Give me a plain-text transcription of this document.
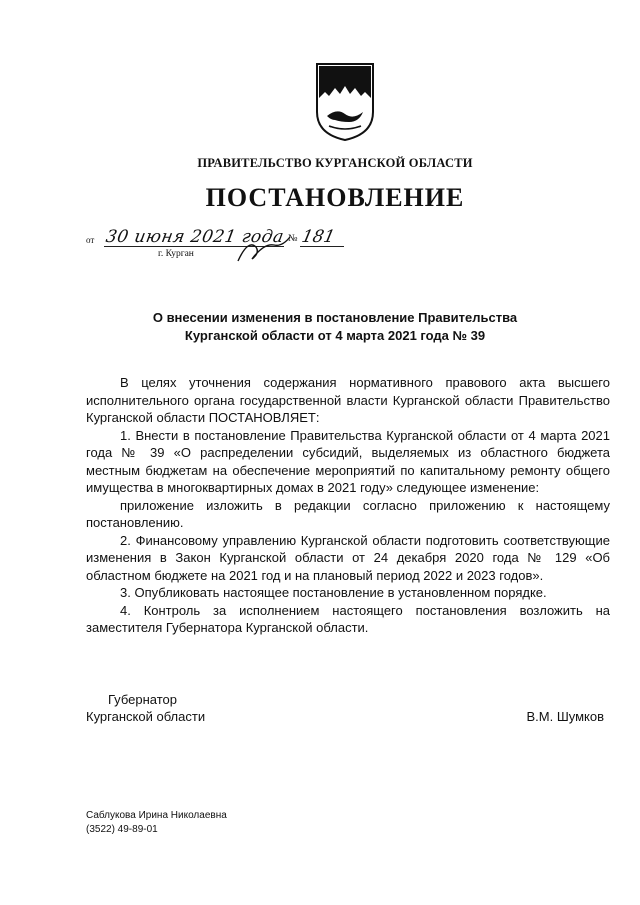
ПРАВИТЕЛЬСТВО КУРГАНСКОЙ ОБЛАСТИ
ПОСТАНОВЛЕНИЕ
от 30 июня 2021 года № 181
г. Курган
О внесении изменения в постановление Правительства
Курганской области от 4 марта 2021 года № 39

В целях уточнения содержания нормативного правового акта высшего исполнительного органа государственной власти Курганской области Правительство Курганской области ПОСТАНОВЛЯЕТ:

1. Внести в постановление Правительства Курганской области от 4 марта 2021 года № 39 «О распределении субсидий, выделяемых из областного бюджета местным бюджетам на обеспечение мероприятий по капитальному ремонту общего имущества в многоквартирных домах в 2021 году» следующее изменение:

приложение изложить в редакции согласно приложению к настоящему постановлению.

2. Финансовому управлению Курганской области подготовить соответствующие изменения в Закон Курганской области от 24 декабря 2020 года № 129 «Об областном бюджете на 2021 год и на плановый период 2022 и 2023 годов».

3. Опубликовать настоящее постановление в установленном порядке.

4. Контроль за исполнением настоящего постановления возложить на заместителя Губернатора Курганской области.

Губернатор
Курганской области	В.М. Шумков
Саблукова Ирина Николаевна
(3522) 49-89-01
